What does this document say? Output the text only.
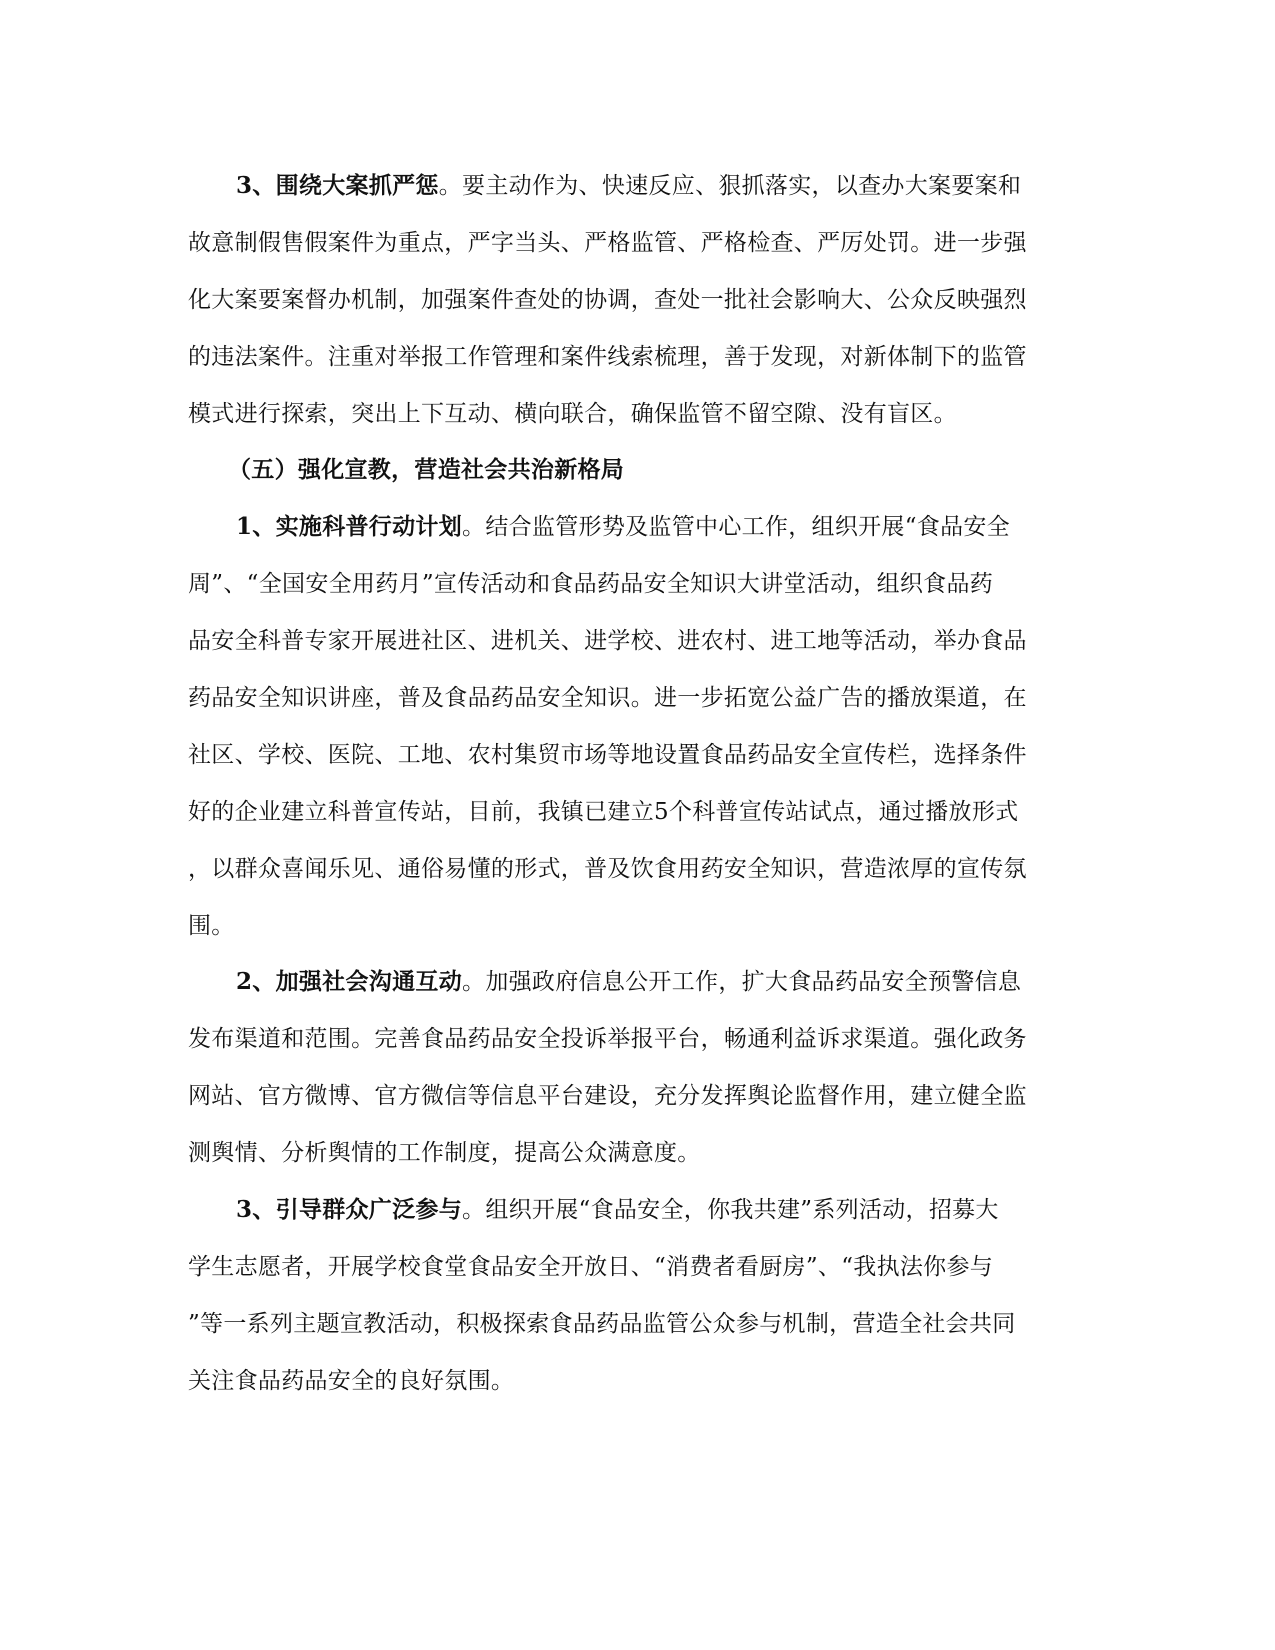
3、围绕大案抓严惩。要主动作为、快速反应、狠抓落实，以查办大案要案和
故意制假售假案件为重点，严字当头、严格监管、严格检查、严厉处罚。进一步强
化大案要案督办机制，加强案件查处的协调，查处一批社会影响大、公众反映强烈
的违法案件。注重对举报工作管理和案件线索梳理，善于发现，对新体制下的监管
模式进行探索，突出上下互动、横向联合，确保监管不留空隙、没有盲区。
（五）强化宣教，营造社会共治新格局
1、实施科普行动计划。结合监管形势及监管中心工作，组织开展“食品安全
周”、“全国安全用药月”宣传活动和食品药品安全知识大讲堂活动，组织食品药
品安全科普专家开展进社区、进机关、进学校、进农村、进工地等活动，举办食品
药品安全知识讲座，普及食品药品安全知识。进一步拓宽公益广告的播放渠道，在
社区、学校、医院、工地、农村集贸市场等地设置食品药品安全宣传栏，选择条件
好的企业建立科普宣传站，目前，我镇已建立5个科普宣传站试点，通过播放形式
，以群众喜闻乐见、通俗易懂的形式，普及饮食用药安全知识，营造浓厚的宣传氛
围。
2、加强社会沟通互动。加强政府信息公开工作，扩大食品药品安全预警信息
发布渠道和范围。完善食品药品安全投诉举报平台，畅通利益诉求渠道。强化政务
网站、官方微博、官方微信等信息平台建设，充分发挥舆论监督作用，建立健全监
测舆情、分析舆情的工作制度，提高公众满意度。
3、引导群众广泛参与。组织开展“食品安全，你我共建”系列活动，招募大
学生志愿者，开展学校食堂食品安全开放日、“消费者看厨房”、“我执法你参与
”等一系列主题宣教活动，积极探索食品药品监管公众参与机制，营造全社会共同
关注食品药品安全的良好氛围。
